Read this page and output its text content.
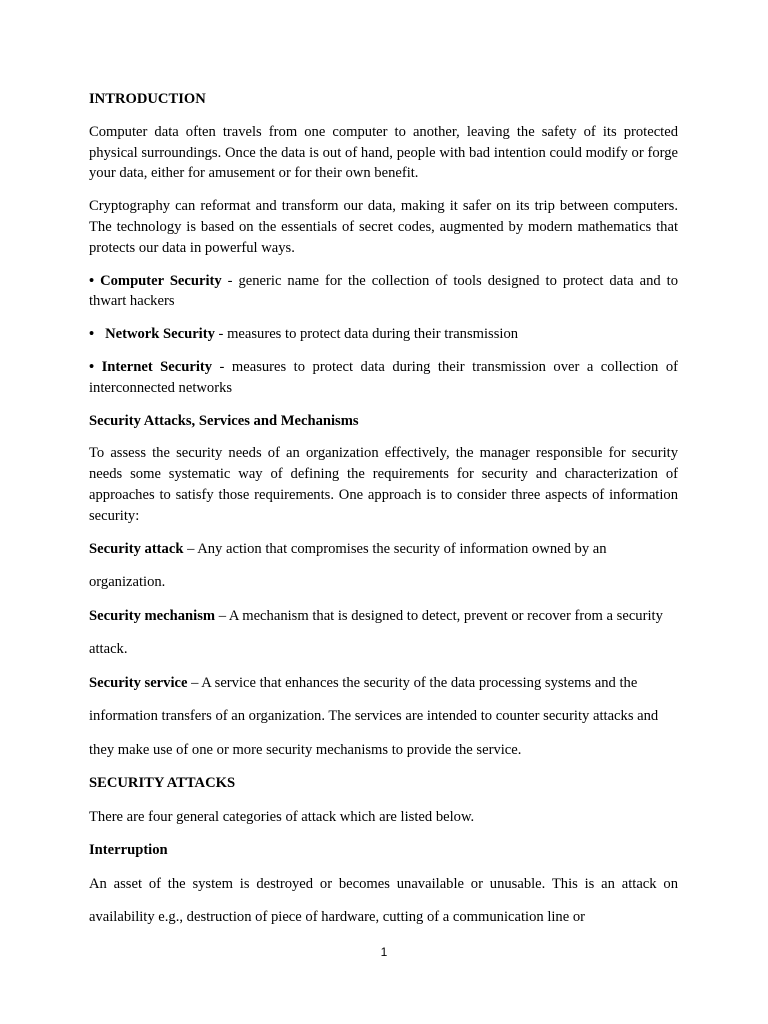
INTRODUCTION

Computer data often travels from one computer to another, leaving the safety of its protected physical surroundings. Once the data is out of hand, people with bad intention could modify or forge your data, either for amusement or for their own benefit.

Cryptography can reformat and transform our data, making it safer on its trip between computers. The technology is based on the essentials of secret codes, augmented by modern mathematics that protects our data in powerful ways.

• Computer Security - generic name for the collection of tools designed to protect data and to thwart hackers

• Network Security - measures to protect data during their transmission

• Internet Security - measures to protect data during their transmission over a collection of interconnected networks

Security Attacks, Services and Mechanisms

To assess the security needs of an organization effectively, the manager responsible for security needs some systematic way of defining the requirements for security and characterization of approaches to satisfy those requirements. One approach is to consider three aspects of information security:

Security attack – Any action that compromises the security of information owned by an organization.

Security mechanism – A mechanism that is designed to detect, prevent or recover from a security attack.

Security service – A service that enhances the security of the data processing systems and the information transfers of an organization. The services are intended to counter security attacks and they make use of one or more security mechanisms to provide the service.

SECURITY ATTACKS

There are four general categories of attack which are listed below.

Interruption

An asset of the system is destroyed or becomes unavailable or unusable. This is an attack on availability e.g., destruction of piece of hardware, cutting of a communication line or

1
